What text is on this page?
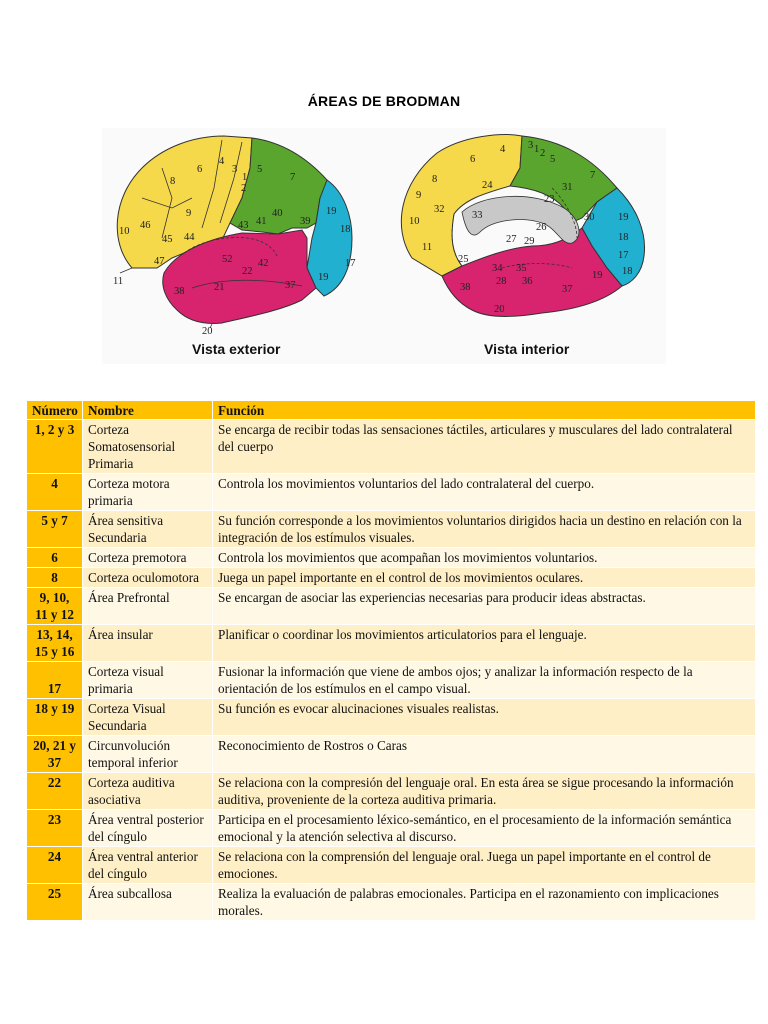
ÁREAS DE BRODMAN
6
4
3
1
2
5
7
8
9
10
46
45 44
43 41
40
39
19
18
17
47	52 42
22
11
38	21	37
19
20
Vista exterior
6
4 3 1 2
5
7
8
9
24	31
23
32
33	30 19
10
26
27 29	18
17
11
25
34 35
28 36
19 18
38	37
20
Vista interior
Número	Nombre	Función
1, 2 y 3	Corteza Somatosensorial Primaria	Se encarga de recibir todas las sensaciones táctiles, articulares y musculares del lado contralateral del cuerpo
4	Corteza motora primaria	Controla los movimientos voluntarios del lado contralateral del cuerpo.
5 y 7	Área sensitiva Secundaria	Su función corresponde a los movimientos voluntarios dirigidos hacia un destino en relación con la integración de los estímulos visuales.
6	Corteza premotora	Controla los movimientos que acompañan los movimientos voluntarios.
8	Corteza oculomotora	Juega un papel importante en el control de los movimientos oculares.
9, 10, 11 y 12	Área Prefrontal	Se encargan de asociar las experiencias necesarias para producir ideas abstractas.
13, 14, 15 y 16	Área insular	Planificar o coordinar los movimientos articulatorios para el lenguaje.
17	Corteza visual primaria	Fusionar la información que viene de ambos ojos; y analizar la información respecto de la orientación de los estímulos en el campo visual.
18 y 19	Corteza Visual Secundaria	Su función es evocar alucinaciones visuales realistas.
20, 21 y 37	Circunvolución temporal inferior	Reconocimiento de Rostros o Caras
22	Corteza auditiva asociativa	Se relaciona con la compresión del lenguaje oral. En esta área se sigue procesando la información auditiva, proveniente de la corteza auditiva primaria.
23	Área ventral posterior del cíngulo	Participa en el procesamiento léxico-semántico, en el procesamiento de la información semántica emocional y la atención selectiva al discurso.
24	Área ventral anterior del cíngulo	Se relaciona con la comprensión del lenguaje oral. Juega un papel importante en el control de emociones.
25	Área subcallosa	Realiza la evaluación de palabras emocionales. Participa en el razonamiento con implicaciones morales.
